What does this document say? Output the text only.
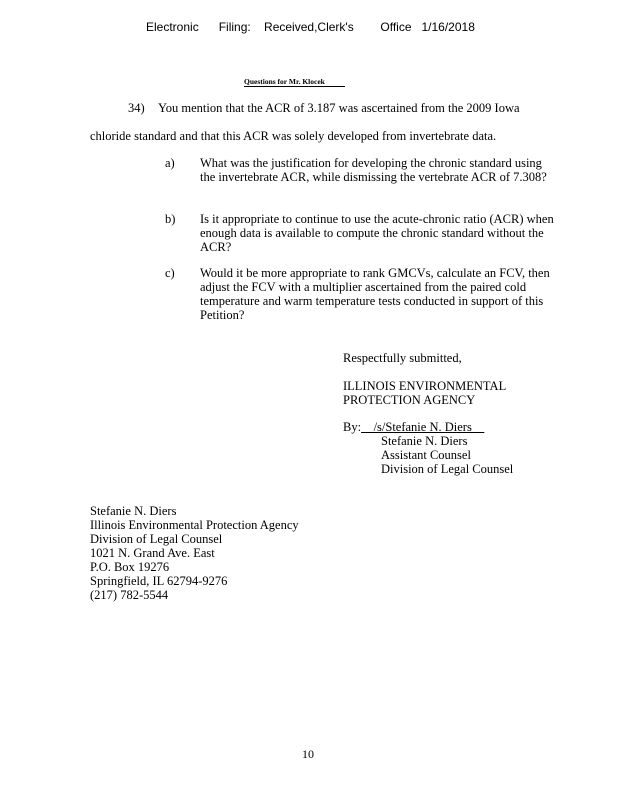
Electronic      Filing:    Received,Clerk's        Office   1/16/2018
Questions for Mr. Klocek
34) You mention that the ACR of 3.187 was ascertained from the 2009 Iowa
chloride standard and that this ACR was solely developed from invertebrate data.
a) What was the justification for developing the chronic standard using the invertebrate ACR, while dismissing the vertebrate ACR of 7.308?
b) Is it appropriate to continue to use the acute-chronic ratio (ACR) when enough data is available to compute the chronic standard without the ACR?
c) Would it be more appropriate to rank GMCVs, calculate an FCV, then adjust the FCV with a multiplier ascertained from the paired cold temperature and warm temperature tests conducted in support of this Petition?
Respectfully submitted,
ILLINOIS ENVIRONMENTAL
PROTECTION AGENCY
By:    /s/Stefanie N. Diers
Stefanie N. Diers
Assistant Counsel
Division of Legal Counsel
Stefanie N. Diers
Illinois Environmental Protection Agency
Division of Legal Counsel
1021 N. Grand Ave. East
P.O. Box 19276
Springfield, IL 62794-9276
(217) 782-5544
10
